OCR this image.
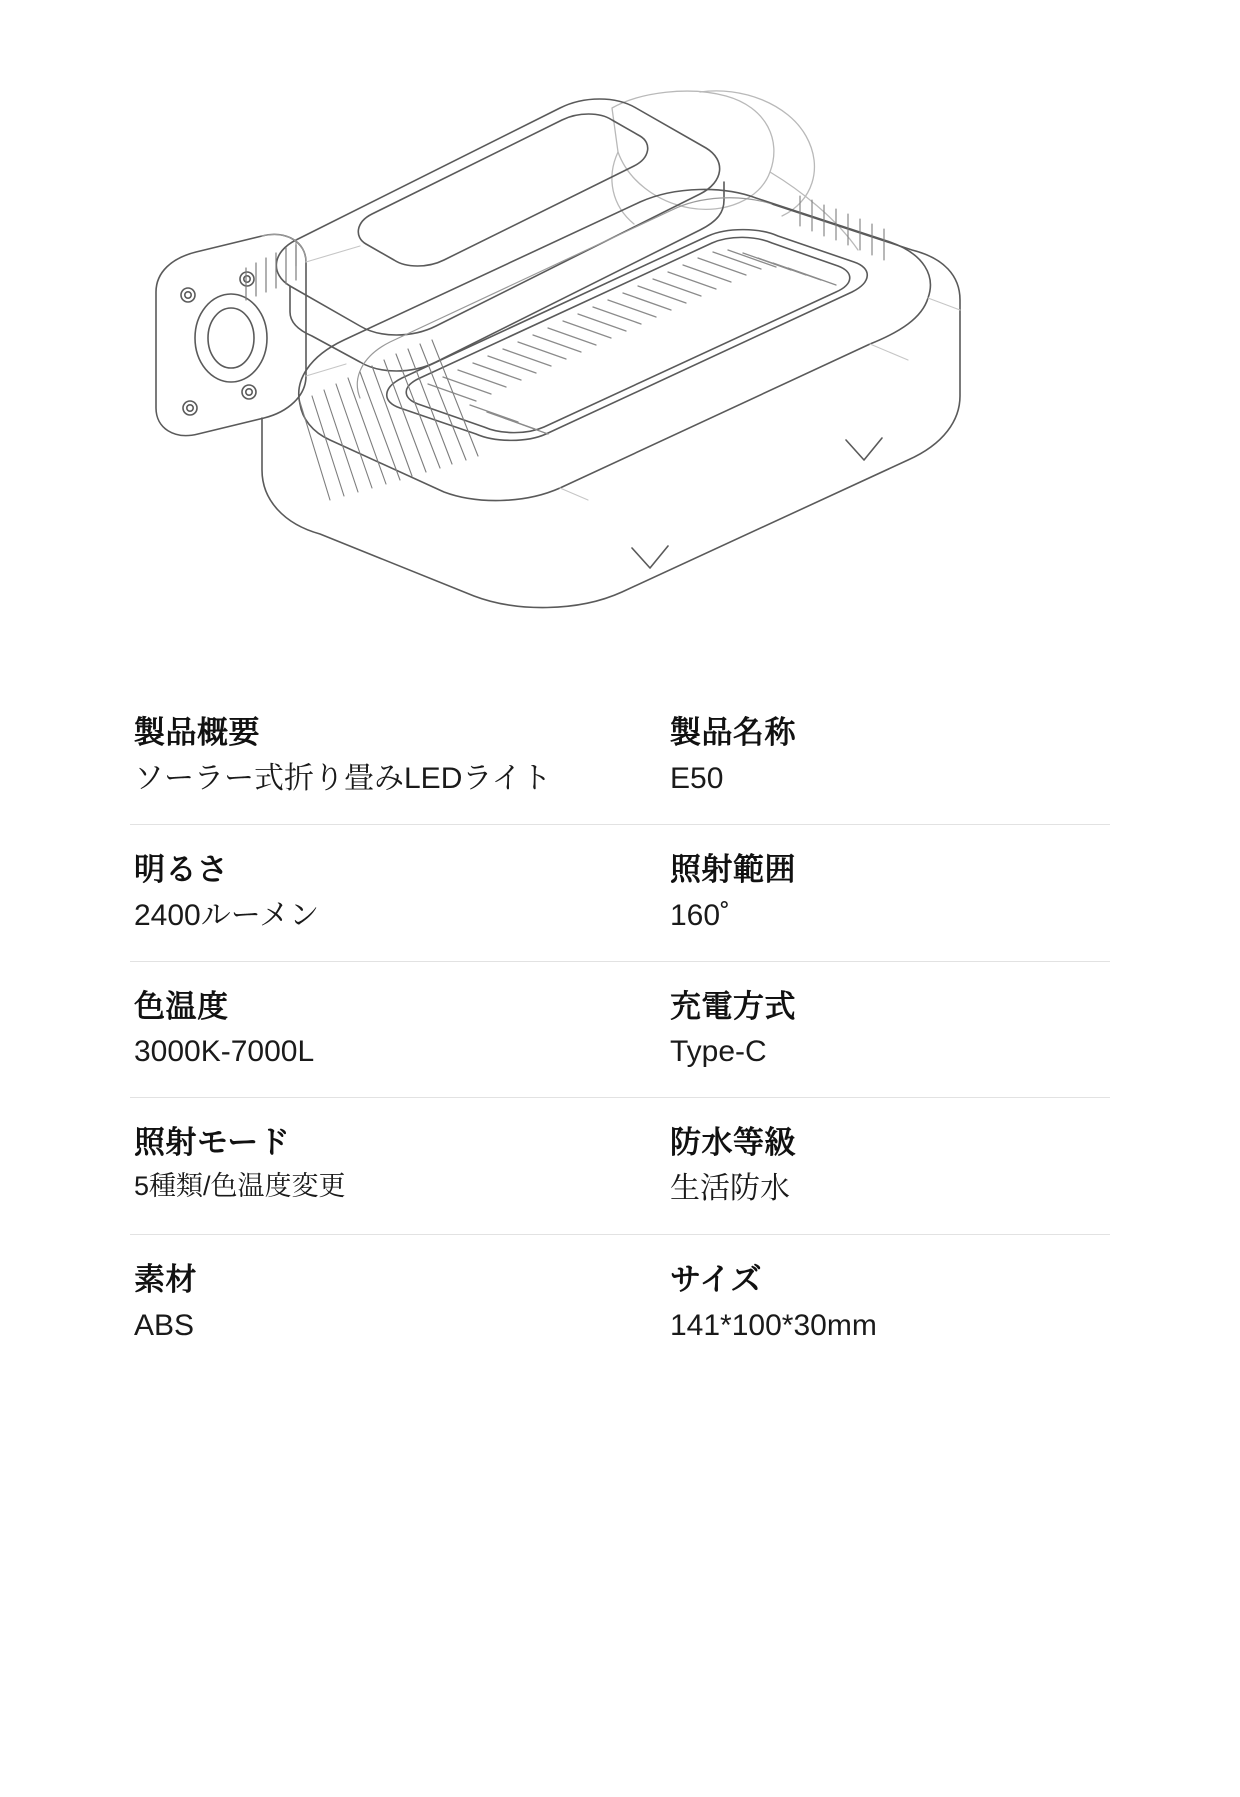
製品概要
ソーラー式折り畳みLEDライト
製品名称
E50
明るさ
2400ルーメン
照射範囲
160˚
色温度
3000K-7000L
充電方式
Type-C
照射モード
5種類/色温度変更
防水等級
生活防水
素材
ABS
サイズ
141*100*30mm
